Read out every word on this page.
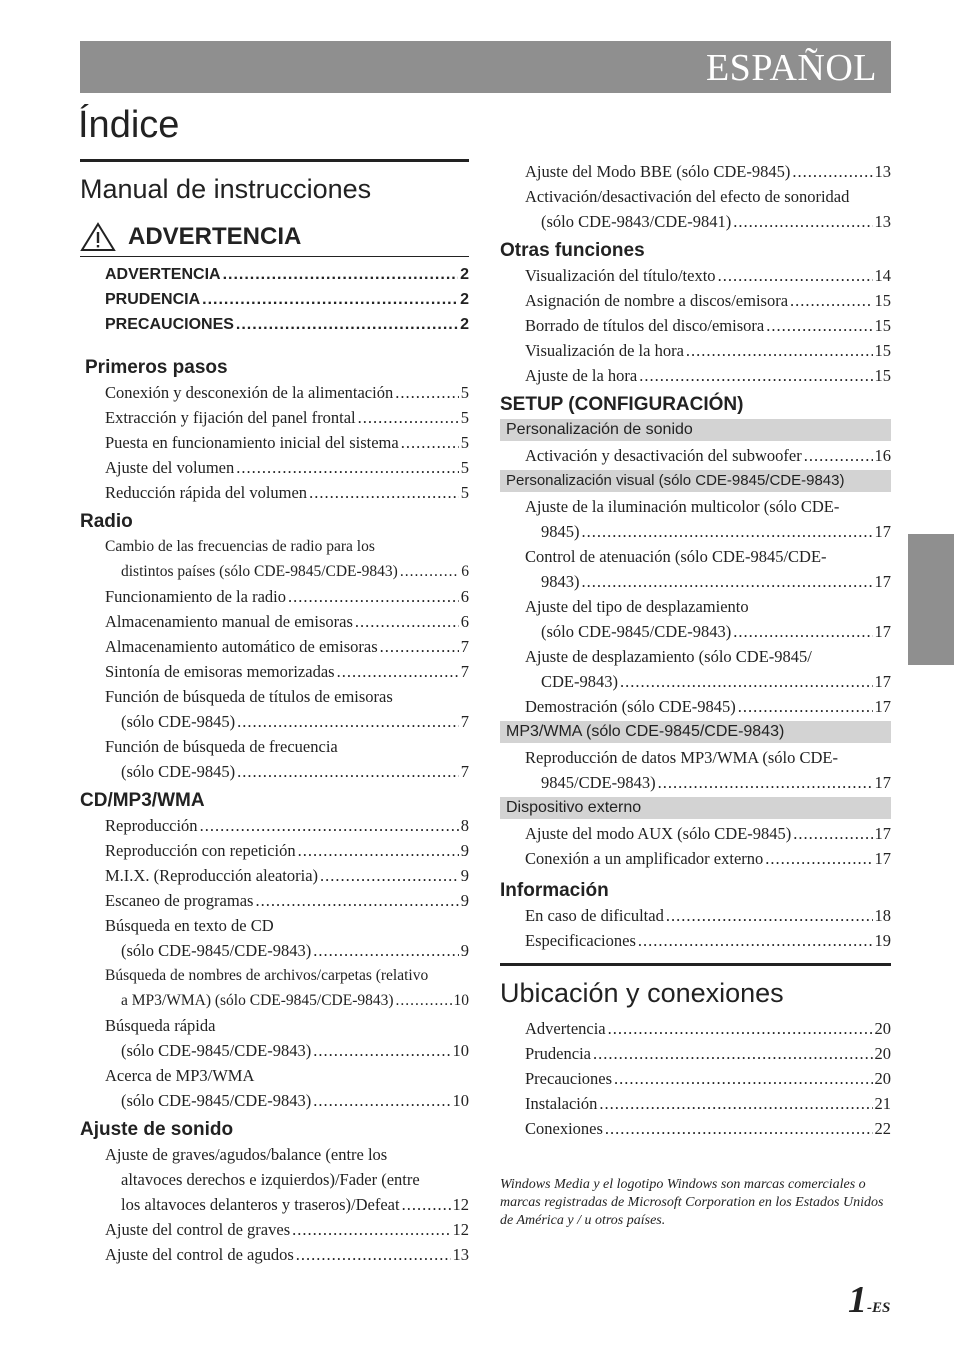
ESPAÑOL
Índice
Manual de instrucciones
ADVERTENCIA
ADVERTENCIA .....	2
PRUDENCIA .....	2
PRECAUCIONES .....	2
Primeros pasos
Conexión y desconexión de la alimentación .....	5
Extracción y fijación del panel frontal .....	5
Puesta en funcionamiento inicial del sistema .....	5
Ajuste del volumen .....	5
Reducción rápida del volumen .....	5
Radio
Cambio de las frecuencias de radio para los
distintos países (sólo CDE-9845/CDE-9843) .....	6
Funcionamiento de la radio .....	6
Almacenamiento manual de emisoras .....	6
Almacenamiento automático de emisoras .....	7
Sintonía de emisoras memorizadas .....	7
Función de búsqueda de títulos de emisoras
(sólo CDE-9845) .....	7
Función de búsqueda de frecuencia
(sólo CDE-9845) .....	7
CD/MP3/WMA
Reproducción .....	8
Reproducción con repetición .....	9
M.I.X. (Reproducción aleatoria) .....	9
Escaneo de programas .....	9
Búsqueda en texto de CD
(sólo CDE-9845/CDE-9843) .....	9
Búsqueda de nombres de archivos/carpetas (relativo
a MP3/WMA) (sólo CDE-9845/CDE-9843) .....	10
Búsqueda rápida
(sólo CDE-9845/CDE-9843) .....	10
Acerca de MP3/WMA
(sólo CDE-9845/CDE-9843) .....	10
Ajuste de sonido
Ajuste de graves/agudos/balance (entre los
altavoces derechos e izquierdos)/Fader (entre
los altavoces delanteros y traseros)/Defeat .....	12
Ajuste del control de graves .....	12
Ajuste del control de agudos .....	13
Ajuste del Modo BBE (sólo CDE-9845) .....	13
Activación/desactivación del efecto de sonoridad
(sólo CDE-9843/CDE-9841) .....	13
Otras funciones
Visualización del título/texto .....	14
Asignación de nombre a discos/emisora .....	15
Borrado de títulos del disco/emisora .....	15
Visualización de la hora .....	15
Ajuste de la hora .....	15
SETUP (CONFIGURACIÓN)
Personalización de sonido
Activación y desactivación del subwoofer .....	16
Personalización visual (sólo CDE-9845/CDE-9843)
Ajuste de la iluminación multicolor (sólo CDE-
9845) .....	17
Control de atenuación (sólo CDE-9845/CDE-
9843) .....	17
Ajuste del tipo de desplazamiento
(sólo CDE-9845/CDE-9843) .....	17
Ajuste de desplazamiento (sólo CDE-9845/
CDE-9843) .....	17
Demostración (sólo CDE-9845) .....	17
MP3/WMA (sólo CDE-9845/CDE-9843)
Reproducción de datos MP3/WMA (sólo CDE-
9845/CDE-9843) .....	17
Dispositivo externo
Ajuste del modo AUX (sólo CDE-9845) .....	17
Conexión a un amplificador externo .....	17
Información
En caso de dificultad .....	18
Especificaciones .....	19
Ubicación y conexiones
Advertencia .....	20
Prudencia .....	20
Precauciones .....	20
Instalación .....	21
Conexiones .....	22
Windows Media y el logotipo Windows son marcas comerciales o marcas registradas de Microsoft Corporation en los Estados Unidos de América y / u otros países.
1-ES
